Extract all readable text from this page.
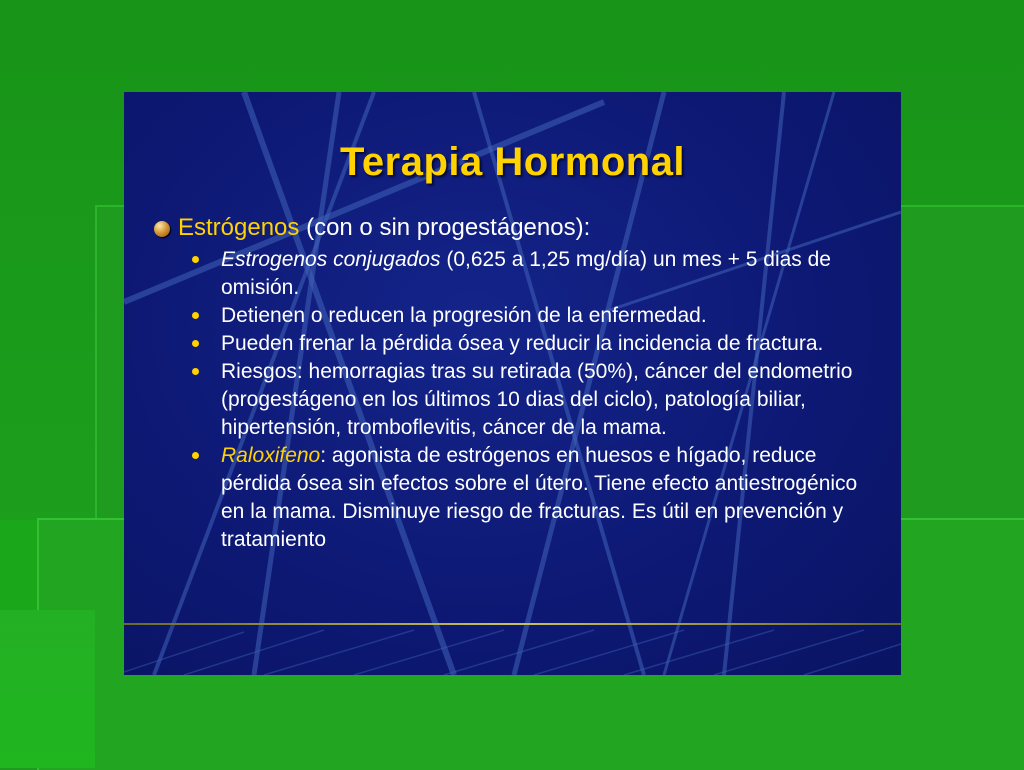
Terapia Hormonal
Estrógenos (con o sin progestágenos):
Estrogenos conjugados (0,625 a 1,25 mg/día) un mes + 5 dias de omisión.
Detienen o reducen la progresión de la enfermedad.
Pueden frenar la pérdida ósea y reducir la incidencia de fractura.
Riesgos: hemorragias tras su retirada (50%), cáncer del endometrio (progestágeno en los últimos 10 dias del ciclo), patología biliar, hipertensión, tromboflevitis, cáncer de la mama.
Raloxifeno: agonista de estrógenos en huesos e hígado, reduce pérdida ósea sin efectos sobre el útero. Tiene efecto antiestrogénico en la mama. Disminuye riesgo de fracturas. Es útil en prevención y tratamiento
